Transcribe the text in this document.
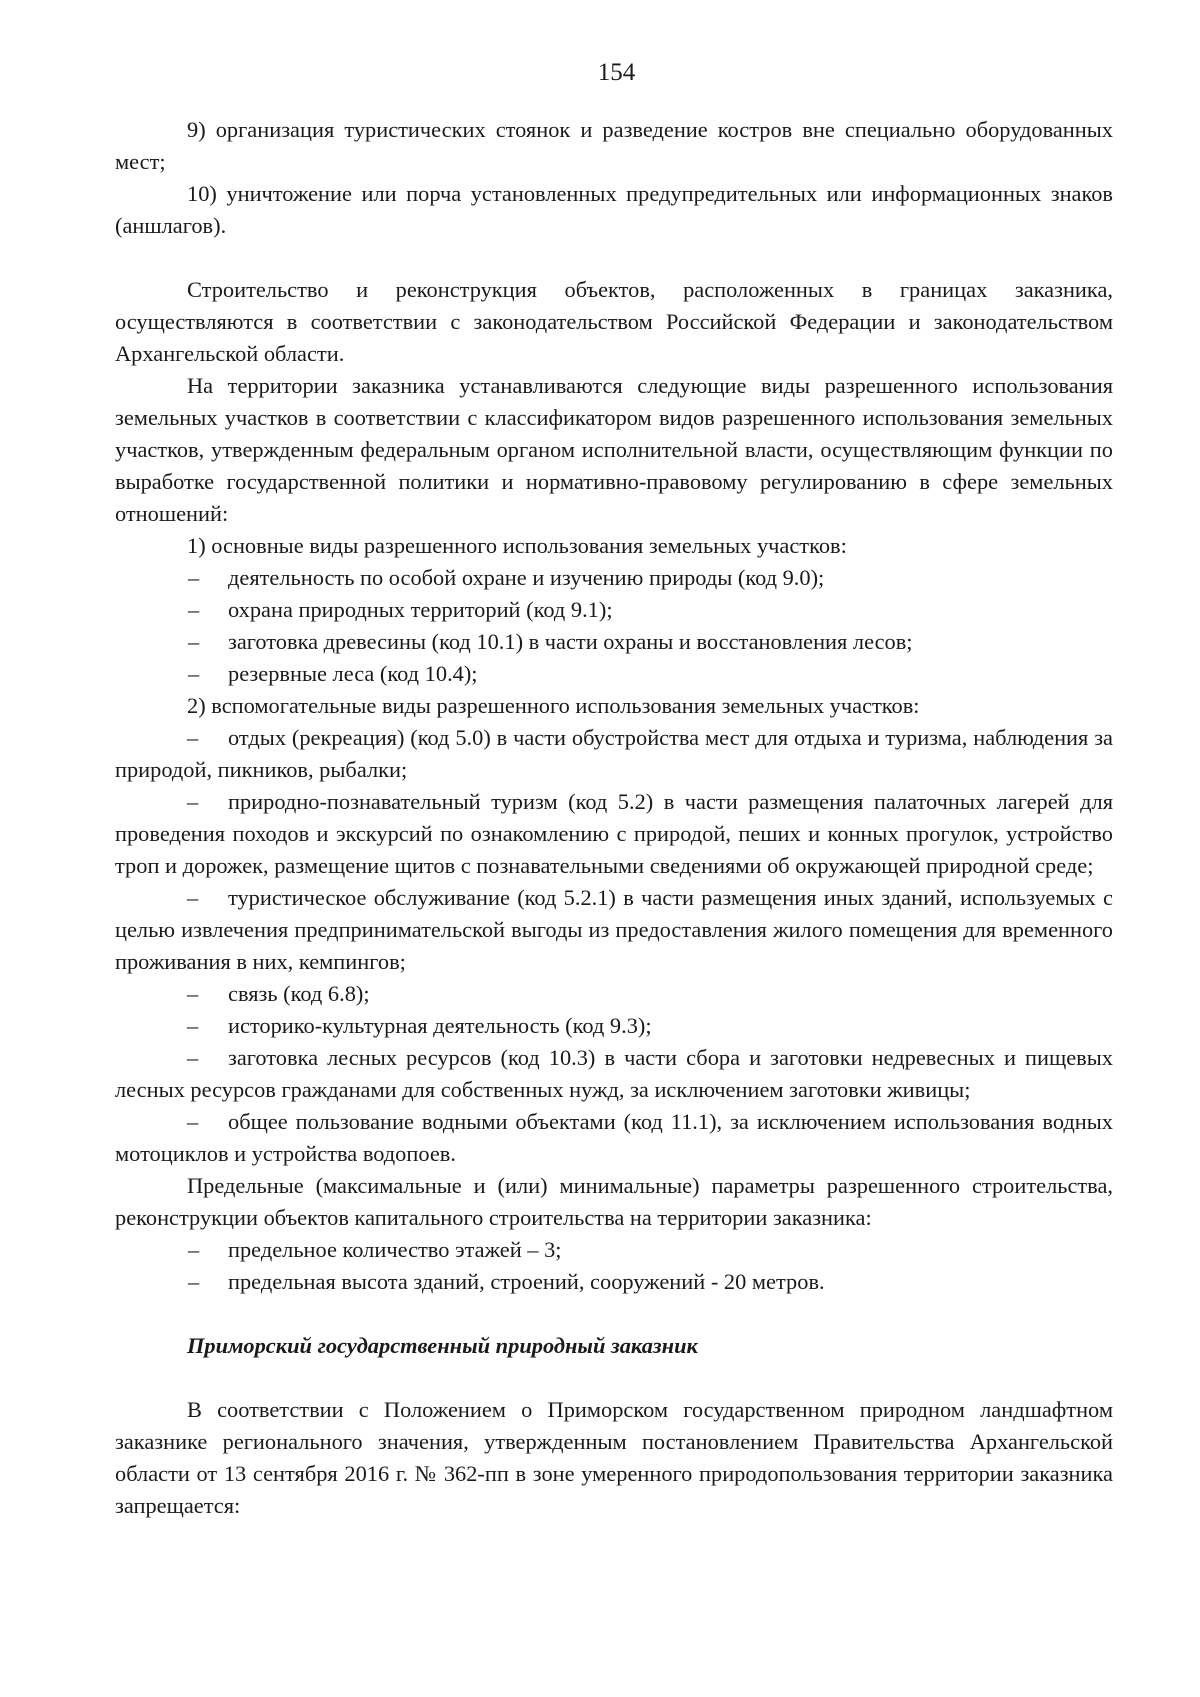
154

9) организация туристических стоянок и разведение костров вне специально оборудованных мест;

10) уничтожение или порча установленных предупредительных или информационных знаков (аншлагов).

Строительство и реконструкция объектов, расположенных в границах заказника, осуществляются в соответствии с законодательством Российской Федерации и законодательством Архангельской области.

На территории заказника устанавливаются следующие виды разрешенного использования земельных участков в соответствии с классификатором видов разрешенного использования земельных участков, утвержденным федеральным органом исполнительной власти, осуществляющим функции по выработке государственной политики и нормативно-правовому регулированию в сфере земельных отношений:

1) основные виды разрешенного использования земельных участков:

–	деятельность по особой охране и изучению природы (код 9.0);
–	охрана природных территорий (код 9.1);
–	заготовка древесины (код 10.1) в части охраны и восстановления лесов;
–	резервные леса (код 10.4);

2) вспомогательные виды разрешенного использования земельных участков:

– отдых (рекреация) (код 5.0) в части обустройства мест для отдыха и туризма, наблюдения за природой, пикников, рыбалки;

– природно-познавательный туризм (код 5.2) в части размещения палаточных лагерей для проведения походов и экскурсий по ознакомлению с природой, пеших и конных прогулок, устройство троп и дорожек, размещение щитов с познавательными сведениями об окружающей природной среде;

– туристическое обслуживание (код 5.2.1) в части размещения иных зданий, используемых с целью извлечения предпринимательской выгоды из предоставления жилого помещения для временного проживания в них, кемпингов;

– связь (код 6.8);

– историко-культурная деятельность (код 9.3);

– заготовка лесных ресурсов (код 10.3) в части сбора и заготовки недревесных и пищевых лесных ресурсов гражданами для собственных нужд, за исключением заготовки живицы;

– общее пользование водными объектами (код 11.1), за исключением использования водных мотоциклов и устройства водопоев.

Предельные (максимальные и (или) минимальные) параметры разрешенного строительства, реконструкции объектов капитального строительства на территории заказника:

–	предельное количество этажей – 3;
–	предельная высота зданий, строений, сооружений - 20 метров.

Приморский государственный природный заказник

В соответствии с Положением о Приморском государственном природном ландшафтном заказнике регионального значения, утвержденным постановлением Правительства Архангельской области от 13 сентября 2016 г. № 362-пп в зоне умеренного природопользования территории заказника запрещается:
